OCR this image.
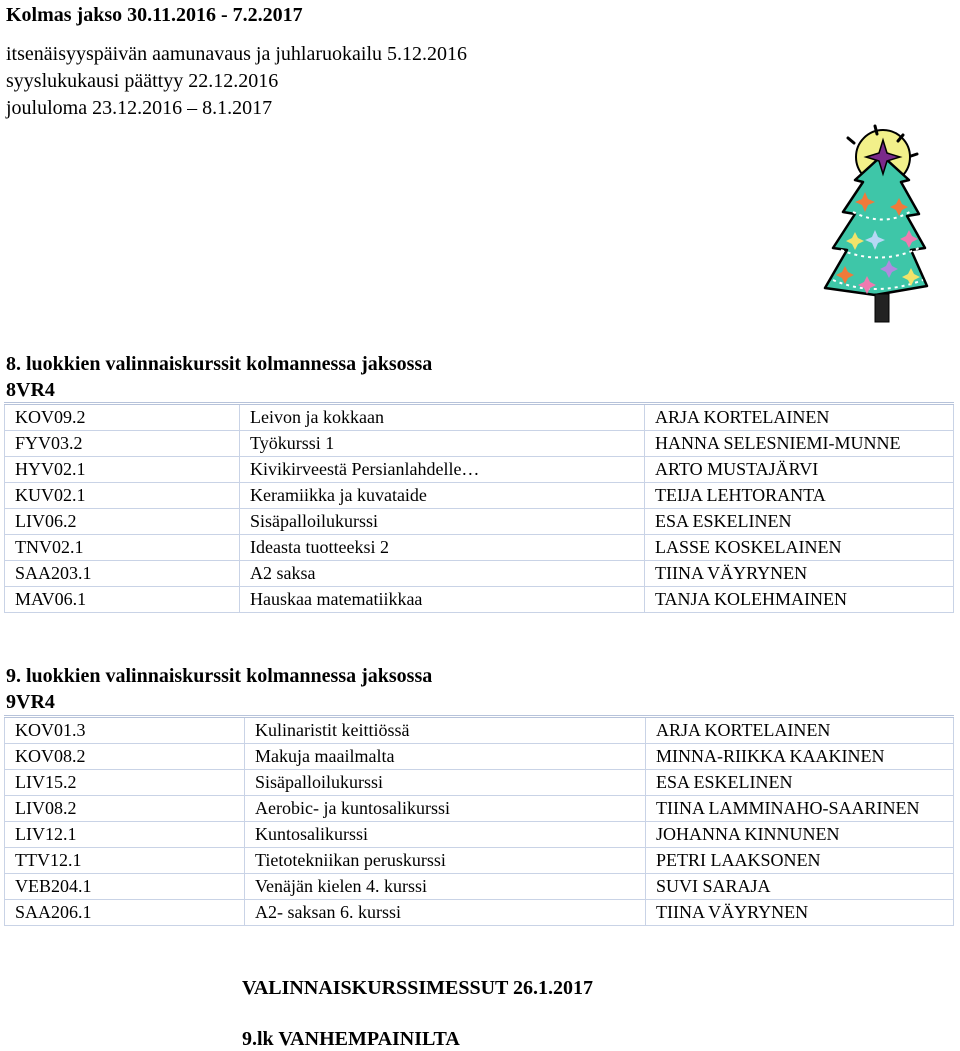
Kolmas jakso 30.11.2016 - 7.2.2017
itsenäisyyspäivän aamunavaus ja juhlaruokailu 5.12.2016
syyslukukausi päättyy 22.12.2016
joululoma 23.12.2016 – 8.1.2017
8. luokkien valinnaiskurssit kolmannessa jaksossa
8VR4
KOV09.2	Leivon ja kokkaan	ARJA KORTELAINEN
FYV03.2	Työkurssi 1	HANNA SELESNIEMI-MUNNE
HYV02.1	Kivikirveestä Persianlahdelle…	ARTO MUSTAJÄRVI
KUV02.1	Keramiikka ja kuvataide	TEIJA LEHTORANTA
LIV06.2	Sisäpalloilukurssi	ESA ESKELINEN
TNV02.1	Ideasta tuotteeksi 2	LASSE KOSKELAINEN
SAA203.1	A2 saksa	TIINA VÄYRYNEN
MAV06.1	Hauskaa matematiikkaa	TANJA KOLEHMAINEN
9. luokkien valinnaiskurssit kolmannessa jaksossa
9VR4
KOV01.3	Kulinaristit keittiössä	ARJA KORTELAINEN
KOV08.2	Makuja maailmalta	MINNA-RIIKKA KAAKINEN
LIV15.2	Sisäpalloilukurssi	ESA ESKELINEN
LIV08.2	Aerobic- ja kuntosalikurssi	TIINA LAMMINAHO-SAARINEN
LIV12.1	Kuntosalikurssi	JOHANNA KINNUNEN
TTV12.1	Tietotekniikan peruskurssi	PETRI LAAKSONEN
VEB204.1	Venäjän kielen 4. kurssi	SUVI SARAJA
SAA206.1	A2- saksan 6. kurssi	TIINA VÄYRYNEN
VALINNAISKURSSIMESSUT 26.1.2017
9.lk VANHEMPAINILTA
